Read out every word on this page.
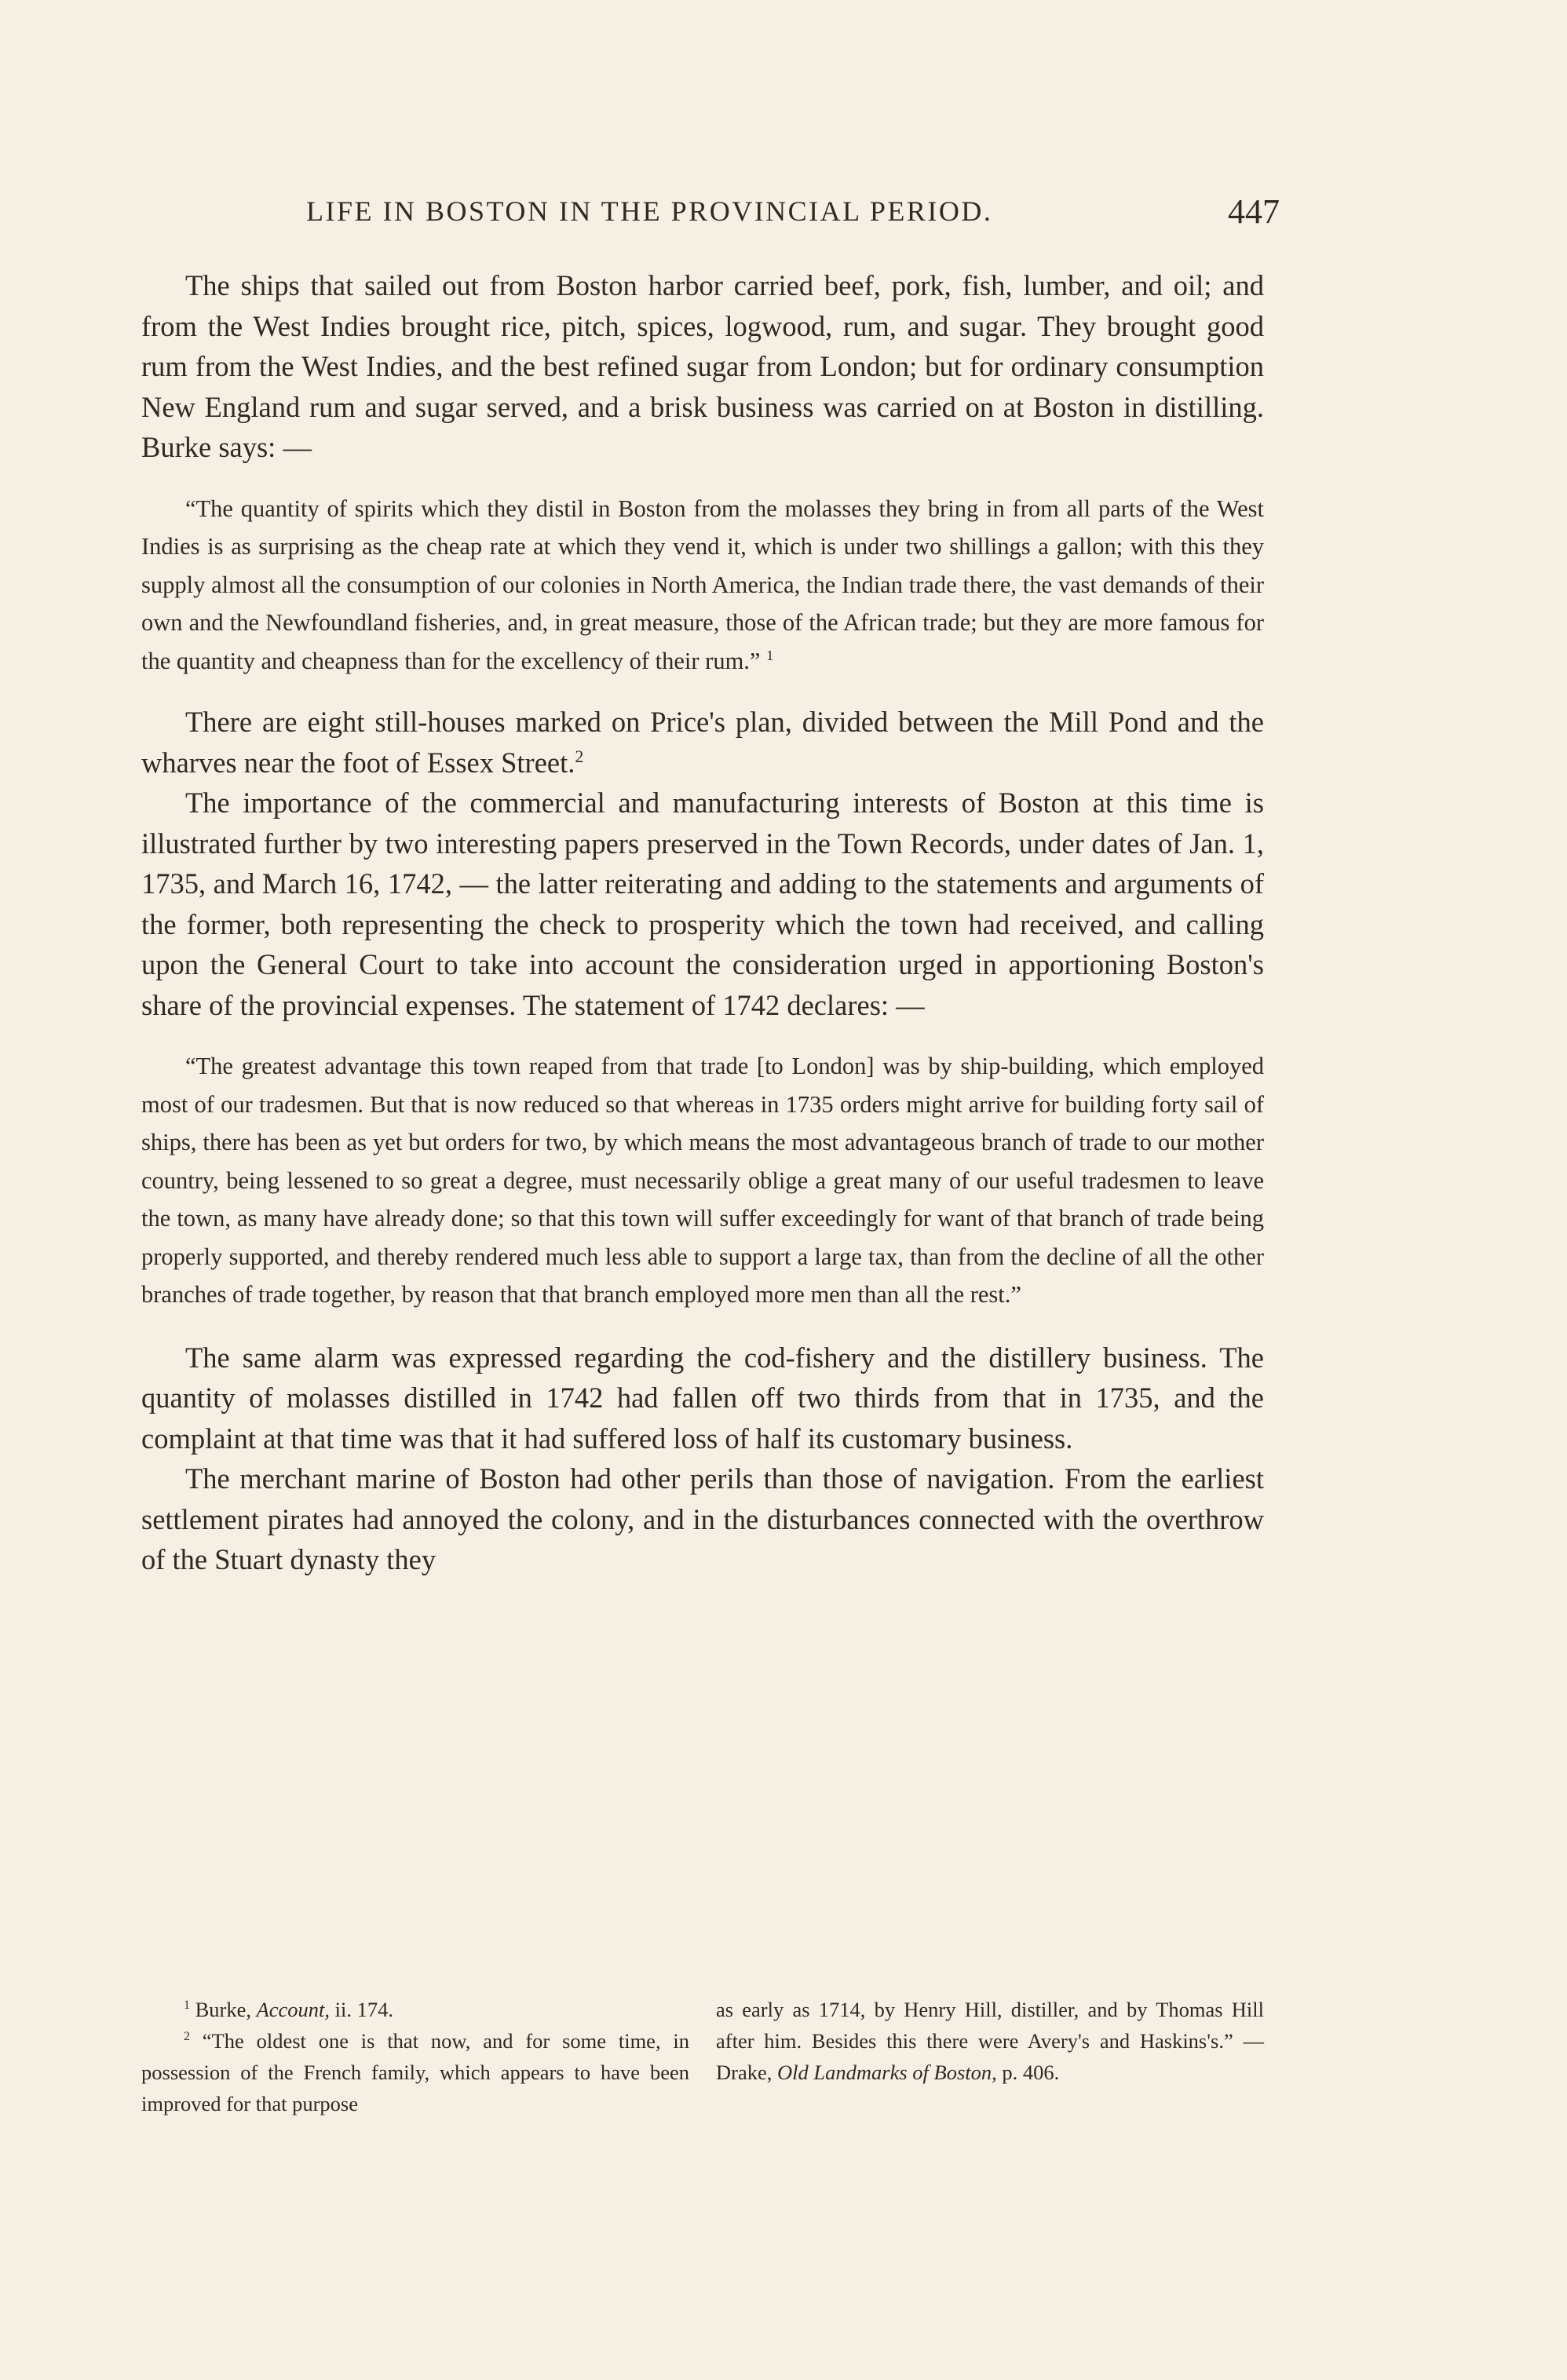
LIFE IN BOSTON IN THE PROVINCIAL PERIOD.	447

The ships that sailed out from Boston harbor carried beef, pork, fish, lumber, and oil; and from the West Indies brought rice, pitch, spices, logwood, rum, and sugar. They brought good rum from the West Indies, and the best refined sugar from London; but for ordinary consumption New England rum and sugar served, and a brisk business was carried on at Boston in distilling. Burke says: —

“The quantity of spirits which they distil in Boston from the molasses they bring in from all parts of the West Indies is as surprising as the cheap rate at which they vend it, which is under two shillings a gallon; with this they supply almost all the consumption of our colonies in North America, the Indian trade there, the vast demands of their own and the Newfoundland fisheries, and, in great measure, those of the African trade; but they are more famous for the quantity and cheapness than for the excellency of their rum.” $^1$

There are eight still-houses marked on Price's plan, divided between the Mill Pond and the wharves near the foot of Essex Street.$^2$

The importance of the commercial and manufacturing interests of Boston at this time is illustrated further by two interesting papers preserved in the Town Records, under dates of Jan. 1, 1735, and March 16, 1742, — the latter reiterating and adding to the statements and arguments of the former, both representing the check to prosperity which the town had received, and calling upon the General Court to take into account the consideration urged in apportioning Boston's share of the provincial expenses. The statement of 1742 declares: —

“The greatest advantage this town reaped from that trade [to London] was by ship-building, which employed most of our tradesmen. But that is now reduced so that whereas in 1735 orders might arrive for building forty sail of ships, there has been as yet but orders for two, by which means the most advantageous branch of trade to our mother country, being lessened to so great a degree, must necessarily oblige a great many of our useful tradesmen to leave the town, as many have already done; so that this town will suffer exceedingly for want of that branch of trade being properly supported, and thereby rendered much less able to support a large tax, than from the decline of all the other branches of trade together, by reason that that branch employed more men than all the rest.”

The same alarm was expressed regarding the cod-fishery and the distillery business. The quantity of molasses distilled in 1742 had fallen off two thirds from that in 1735, and the complaint at that time was that it had suffered loss of half its customary business.

The merchant marine of Boston had other perils than those of navigation. From the earliest settlement pirates had annoyed the colony, and in the disturbances connected with the overthrow of the Stuart dynasty they

$^1$ Burke, Account, ii. 174.

$^2$ “The oldest one is that now, and for some time, in possession of the French family, which appears to have been improved for that purpose

as early as 1714, by Henry Hill, distiller, and by Thomas Hill after him. Besides this there were Avery's and Haskins's.” — Drake, Old Landmarks of Boston, p. 406.
